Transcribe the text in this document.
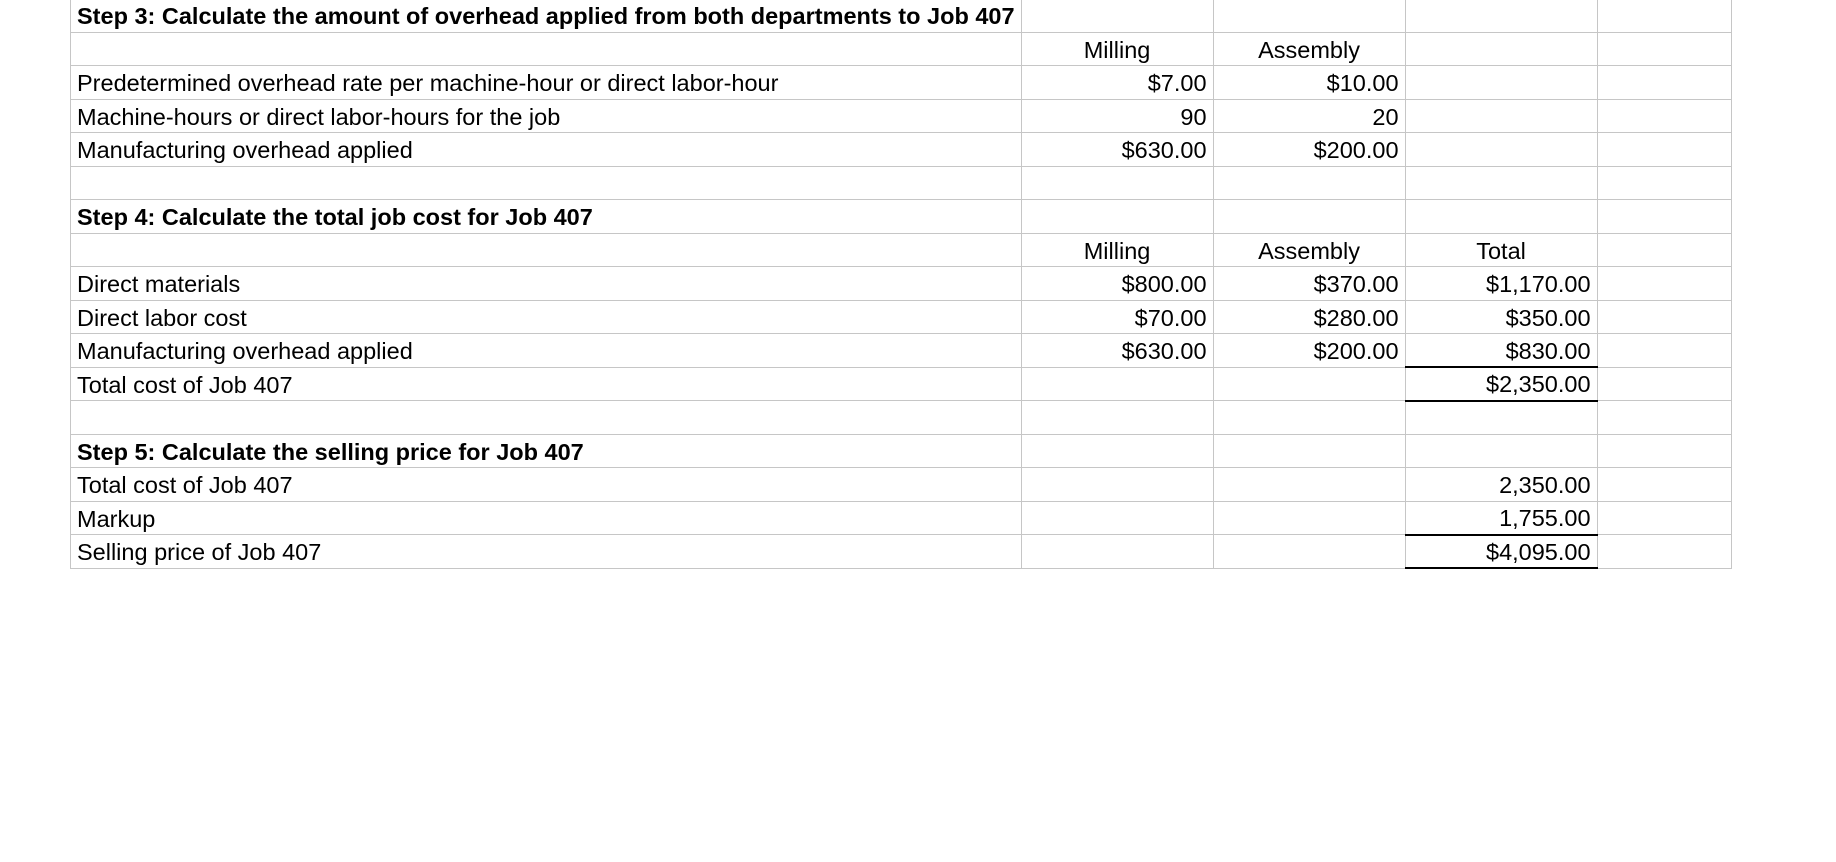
Step 3: Calculate the amount of overhead applied from both departments to Job 407				
	Milling	Assembly		
Predetermined overhead rate per machine-hour or direct labor-hour	$7.00	$10.00		
Machine-hours or direct labor-hours for the job	90	20		
Manufacturing overhead applied	$630.00	$200.00		

Step 4: Calculate the total job cost for Job 407				
	Milling	Assembly	Total	
Direct materials	$800.00	$370.00	$1,170.00	
Direct labor cost	$70.00	$280.00	$350.00	
Manufacturing overhead applied	$630.00	$200.00	$830.00	
Total cost of Job 407			$2,350.00	

Step 5: Calculate the selling price for Job 407				
Total cost of Job 407			2,350.00	
Markup			1,755.00	
Selling price of Job 407			$4,095.00	
